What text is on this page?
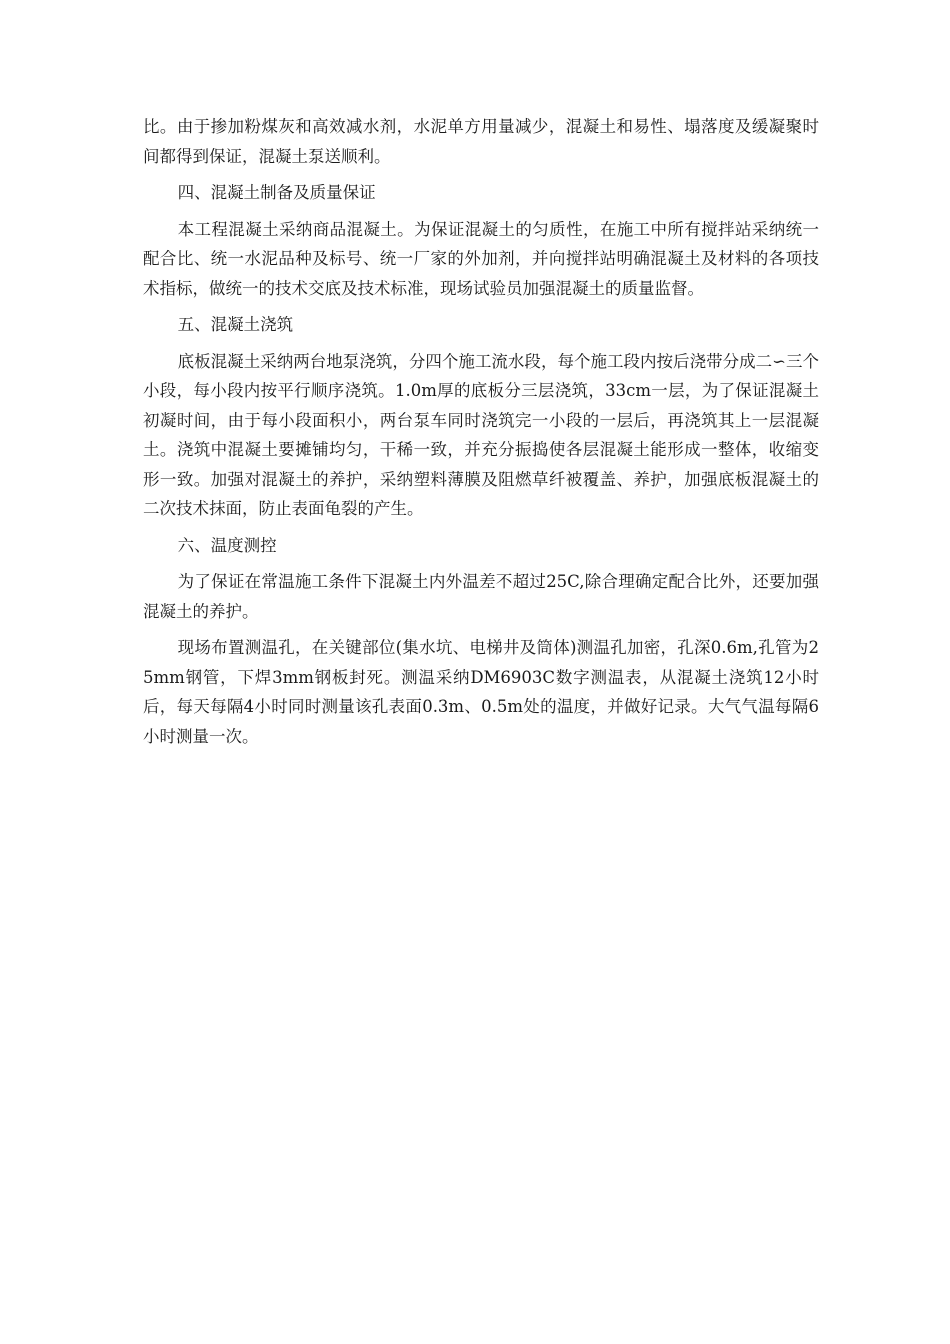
比。由于掺加粉煤灰和高效减水剂，水泥单方用量减少，混凝土和易性、塌落度及缓凝聚时间都得到保证，混凝土泵送顺利。

四、混凝土制备及质量保证

本工程混凝土采纳商品混凝土。为保证混凝土的匀质性，在施工中所有搅拌站采纳统一配合比、统一水泥品种及标号、统一厂家的外加剂，并向搅拌站明确混凝土及材料的各项技术指标，做统一的技术交底及技术标准，现场试验员加强混凝土的质量监督。

五、混凝土浇筑

底板混凝土采纳两台地泵浇筑，分四个施工流水段，每个施工段内按后浇带分成二∽三个小段，每小段内按平行顺序浇筑。1.0m厚的底板分三层浇筑，33cm一层，为了保证混凝土初凝时间，由于每小段面积小，两台泵车同时浇筑完一小段的一层后，再浇筑其上一层混凝土。浇筑中混凝土要摊铺均匀，干稀一致，并充分振捣使各层混凝土能形成一整体，收缩变形一致。加强对混凝土的养护，采纳塑料薄膜及阻燃草纤被覆盖、养护，加强底板混凝土的二次技术抹面，防止表面龟裂的产生。

六、温度测控

为了保证在常温施工条件下混凝土内外温差不超过25C,除合理确定配合比外，还要加强混凝土的养护。

现场布置测温孔，在关键部位(集水坑、电梯井及筒体)测温孔加密，孔深0.6m,孔管为25mm钢管，下焊3mm钢板封死。测温采纳DM6903C数字测温表，从混凝土浇筑12小时后，每天每隔4小时同时测量该孔表面0.3m、0.5m处的温度，并做好记录。大气气温每隔6小时测量一次。
